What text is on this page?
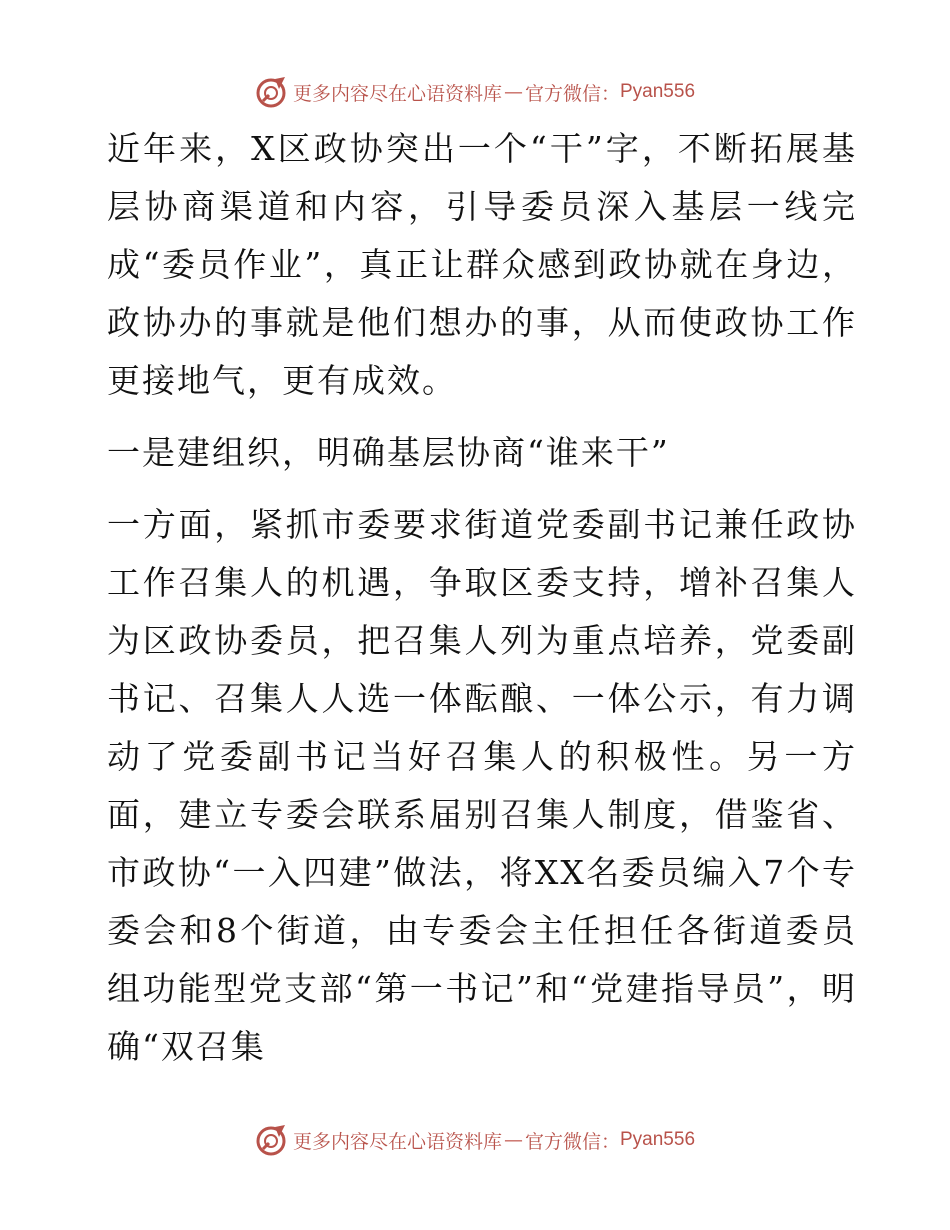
更多内容尽在心语资料库 — 官方微信： Pyan556

近年来，X区政协突出一个“干”字，不断拓展基层协商渠道和内容，引导委员深入基层一线完成“委员作业”，真正让群众感到政协就在身边，政协办的事就是他们想办的事，从而使政协工作更接地气，更有成效。

一是建组织，明确基层协商“谁来干”

一方面，紧抓市委要求街道党委副书记兼任政协工作召集人的机遇，争取区委支持，增补召集人为区政协委员，把召集人列为重点培养，党委副书记、召集人人选一体酝酿、一体公示，有力调动了党委副书记当好召集人的积极性。另一方面，建立专委会联系届别召集人制度，借鉴省、市政协“一入四建”做法，将XX名委员编入7个专委会和8个街道，由专委会主任担任各街道委员组功能型党支部“第一书记”和“党建指导员”，明确“双召集

更多内容尽在心语资料库 — 官方微信： Pyan556
